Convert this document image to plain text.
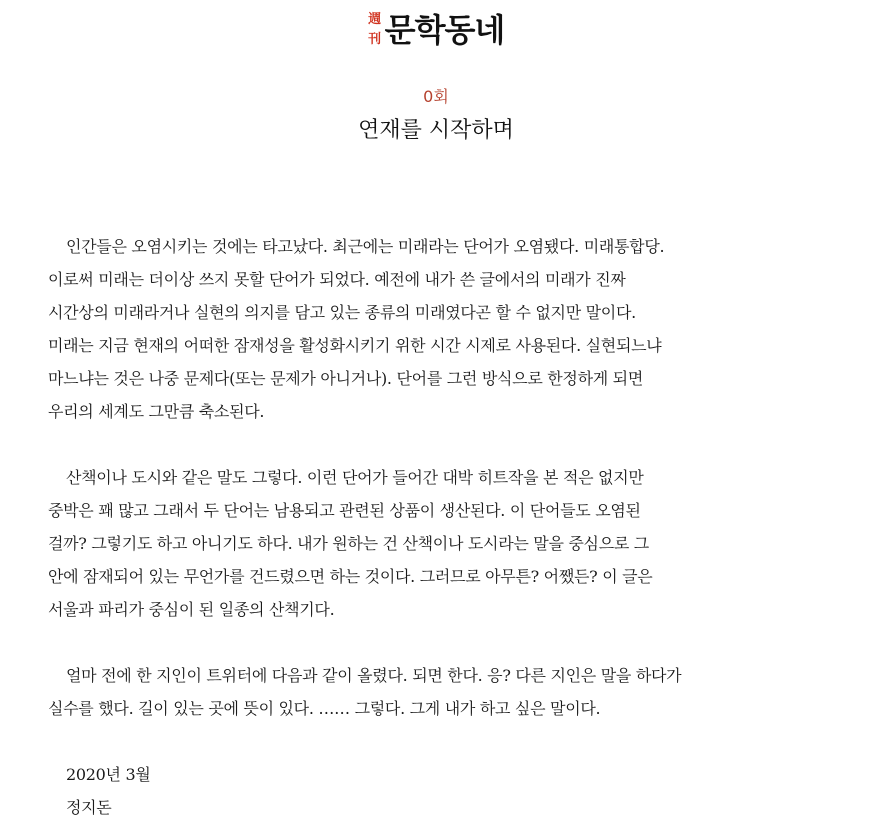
週
刊 문학동네
0회
연재를 시작하며

인간들은 오염시키는 것에는 타고났다. 최근에는 미래라는 단어가 오염됐다. 미래통합당.
이로써 미래는 더이상 쓰지 못할 단어가 되었다. 예전에 내가 쓴 글에서의 미래가 진짜
시간상의 미래라거나 실현의 의지를 담고 있는 종류의 미래였다곤 할 수 없지만 말이다.
미래는 지금 현재의 어떠한 잠재성을 활성화시키기 위한 시간 시제로 사용된다. 실현되느냐
마느냐는 것은 나중 문제다(또는 문제가 아니거나). 단어를 그런 방식으로 한정하게 되면
우리의 세계도 그만큼 축소된다.

산책이나 도시와 같은 말도 그렇다. 이런 단어가 들어간 대박 히트작을 본 적은 없지만
중박은 꽤 많고 그래서 두 단어는 남용되고 관련된 상품이 생산된다. 이 단어들도 오염된
걸까? 그렇기도 하고 아니기도 하다. 내가 원하는 건 산책이나 도시라는 말을 중심으로 그
안에 잠재되어 있는 무언가를 건드렸으면 하는 것이다. 그러므로 아무튼? 어쨌든? 이 글은
서울과 파리가 중심이 된 일종의 산책기다.

얼마 전에 한 지인이 트위터에 다음과 같이 올렸다. 되면 한다. 응? 다른 지인은 말을 하다가
실수를 했다. 길이 있는 곳에 뜻이 있다. …… 그렇다. 그게 내가 하고 싶은 말이다.

2020년 3월
정지돈
